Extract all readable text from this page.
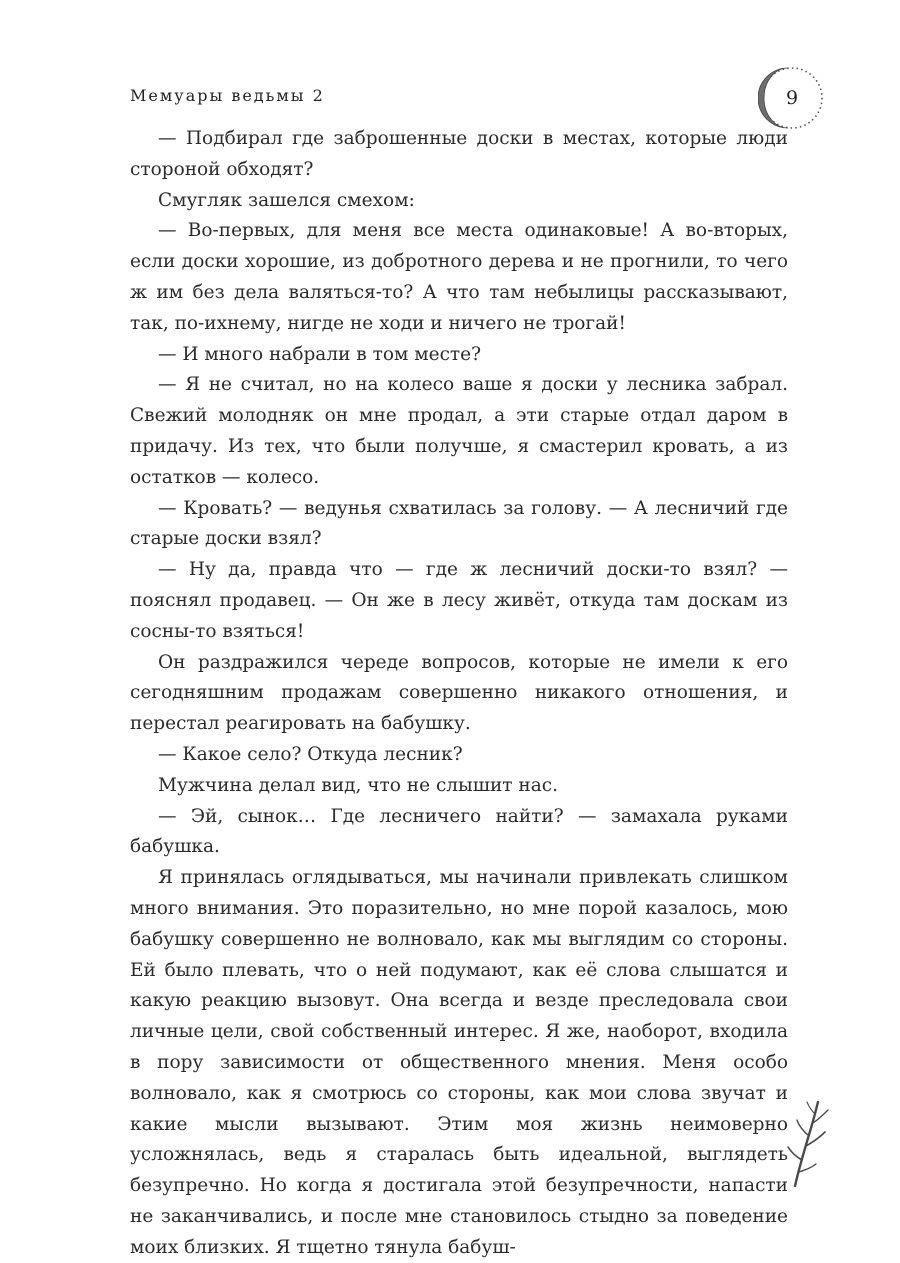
Мемуары ведьмы 2	9

— Подбирал где заброшенные доски в местах, которые люди стороной обходят?

Смугляк зашелся смехом:

— Во-первых, для меня все места одинаковые! А во-вторых, если доски хорошие, из добротного дерева и не прогнили, то чего ж им без дела валяться-то? А что там небылицы рассказывают, так, по-ихнему, нигде не ходи и ничего не трогай!

— И много набрали в том месте?

— Я не считал, но на колесо ваше я доски у лесника забрал. Свежий молодняк он мне продал, а эти старые отдал даром в придачу. Из тех, что были получше, я смастерил кровать, а из остатков — колесо.

— Кровать? — ведунья схватилась за голову. — А лесничий где старые доски взял?

— Ну да, правда что — где ж лесничий доски-то взял? — пояснял продавец. — Он же в лесу живёт, откуда там доскам из сосны-то взяться!

Он раздражился череде вопросов, которые не имели к его сегодняшним продажам совершенно никакого отношения, и перестал реагировать на бабушку.

— Какое село? Откуда лесник?

Мужчина делал вид, что не слышит нас.

— Эй, сынок… Где лесничего найти? — замахала руками бабушка.

Я принялась оглядываться, мы начинали привлекать слишком много внимания. Это поразительно, но мне порой казалось, мою бабушку совершенно не волновало, как мы выглядим со стороны. Ей было плевать, что о ней подумают, как её слова слышатся и какую реакцию вызовут. Она всегда и везде преследовала свои личные цели, свой собственный интерес. Я же, наоборот, входила в пору зависимости от общественного мнения. Меня особо волновало, как я смотрюсь со стороны, как мои слова звучат и какие мысли вызывают. Этим моя жизнь неимоверно усложнялась, ведь я старалась быть идеальной, выглядеть безупречно. Но когда я достигала этой безупречности, напасти не заканчивались, и после мне становилось стыдно за поведение моих близких. Я тщетно тянула бабуш-
